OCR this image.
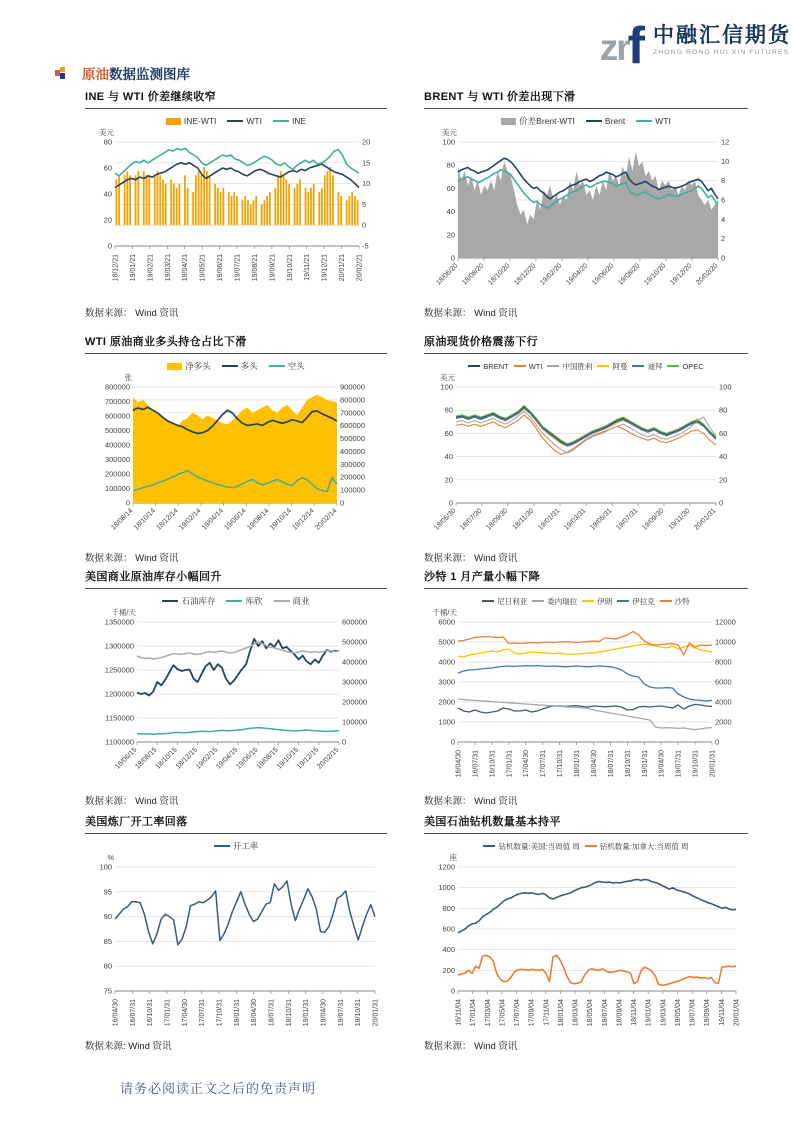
zr f 中融汇信期货
ZHONG RONG HUI XIN FUTURES
原油 数据监测图库
INE 与 WTI 价差继续收窄
INE-WTI	WTI	INE
0
20
40
60
80
-5
0
5
10
15
20
美元
18/12/21 19/01/21 19/02/21 19/03/21 19/04/21 19/05/21 19/06/21 19/07/21 19/08/21 19/09/21 19/10/21 19/11/21 19/12/21 20/01/21 20/02/21
数据来源： Wind 资讯
BRENT 与 WTI 价差出现下滑
价差Brent-WTI	Brent	WTI
0
20
40
60
80
100
0
2
4
6
8
10
12
美元
18/06/20 18/08/20 18/10/20 18/12/20 19/02/20 19/04/20 19/06/20 19/08/20 19/10/20 19/12/20 20/02/20
数据来源： Wind 资讯
WTI 原油商业多头持仓占比下滑
净多头	多头	空头
0
100000
200000
300000
400000
500000
600000
700000
800000
0
100000
200000
300000
400000
500000
600000
700000
800000
900000
张
18/08/14
18/10/14
18/12/14
19/02/14
19/04/14
19/06/14
19/08/14
19/10/14
19/12/14
20/02/14
数据来源： Wind 资讯
原油现货价格震荡下行
BRENT	WTI	中国胜利	阿曼	迪拜	OPEC
0
20
40
60
80
100
0
20
40
60
80
100
美元
18/05/30 18/07/30 18/09/30 18/11/30 19/01/31 19/03/31 19/05/31 19/07/31 19/09/30 19/11/30 20/01/31
数据来源： Wind 资讯
美国商业原油库存小幅回升
石油库存	库欣	商业
1100000
1150000
1200000
1250000
1300000
1350000
0
100000
200000
300000
400000
500000
600000
千桶/天
18/06/15
18/08/15
18/10/15
18/12/15
19/02/15
19/04/15
19/06/15
19/08/15
19/10/15
19/12/15
20/02/15
数据来源： Wind 资讯
沙特 1 月产量小幅下降
尼日利亚	委内瑞拉	伊朗	伊拉克	沙特
0
1000
2000
3000
4000
5000
6000
0
2000
4000
6000
8000
10000
12000
千桶/天
16/04/30 16/07/31 16/10/31 17/01/31 17/04/30 17/07/31 17/10/31 18/01/31 18/04/30 18/07/31 18/10/31 19/01/31 19/04/30 19/07/31 19/10/31 20/01/31
数据来源： Wind 资讯
美国炼厂开工率回落
开工率
75
80
85
90
95
100
%
16/04/30 16/07/31 16/10/31 17/01/31 17/04/30 17/07/31 17/10/31 18/01/31 18/04/30 18/07/31 18/10/31 19/01/31 19/04/30 19/07/31 19/10/31 20/01/31
数据来源: Wind 资讯
美国石油钻机数量基本持平
钻机数量:美国:当周值 周	钻机数量:加拿大:当周值 周
0
200
400
600
800
1000
1200
座
16/11/04 17/01/04 17/03/04 17/05/04 17/07/04 17/09/04 17/11/04 18/01/04 18/03/04 18/05/04 18/07/04 18/09/04 18/11/04 19/01/04 19/03/04 19/05/04 19/07/04 19/09/04 19/11/04 20/01/04
数据来源： Wind 资讯
请务必阅读正文之后的免责声明
